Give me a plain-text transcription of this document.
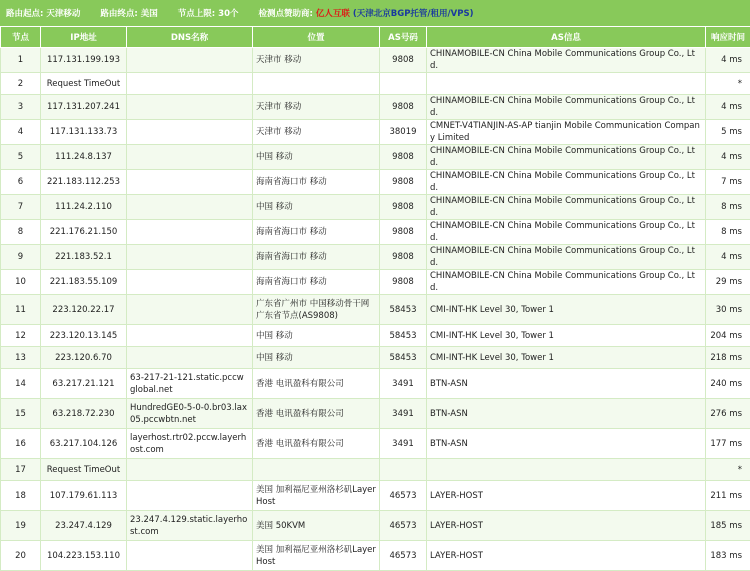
路由起点: 天津移动 路由终点: 美国 节点上限: 30个 检测点赞助商: 亿人互联 (天津北京BGP托管/租用/VPS)
节点	IP地址	DNS名称	位置	AS号码	AS信息	响应时间
1	117.131.199.193		天津市 移动	9808	CHINAMOBILE-CN China Mobile Communications Group Co., Ltd.	4 ms
2	Request TimeOut					*
3	117.131.207.241		天津市 移动	9808	CHINAMOBILE-CN China Mobile Communications Group Co., Ltd.	4 ms
4	117.131.133.73		天津市 移动	38019	CMNET-V4TIANJIN-AS-AP tianjin Mobile Communication Company Limited	5 ms
5	111.24.8.137		中国 移动	9808	CHINAMOBILE-CN China Mobile Communications Group Co., Ltd.	4 ms
6	221.183.112.253		海南省海口市 移动	9808	CHINAMOBILE-CN China Mobile Communications Group Co., Ltd.	7 ms
7	111.24.2.110		中国 移动	9808	CHINAMOBILE-CN China Mobile Communications Group Co., Ltd.	8 ms
8	221.176.21.150		海南省海口市 移动	9808	CHINAMOBILE-CN China Mobile Communications Group Co., Ltd.	8 ms
9	221.183.52.1		海南省海口市 移动	9808	CHINAMOBILE-CN China Mobile Communications Group Co., Ltd.	4 ms
10	221.183.55.109		海南省海口市 移动	9808	CHINAMOBILE-CN China Mobile Communications Group Co., Ltd.	29 ms
11	223.120.22.17		广东省广州市 中国移动骨干网广东省节点(AS9808)	58453	CMI-INT-HK Level 30, Tower 1	30 ms
12	223.120.13.145		中国 移动	58453	CMI-INT-HK Level 30, Tower 1	204 ms
13	223.120.6.70		中国 移动	58453	CMI-INT-HK Level 30, Tower 1	218 ms
14	63.217.21.121	63-217-21-121.static.pccwglobal.net	香港 电讯盈科有限公司	3491	BTN-ASN	240 ms
15	63.218.72.230	HundredGE0-5-0-0.br03.lax05.pccwbtn.net	香港 电讯盈科有限公司	3491	BTN-ASN	276 ms
16	63.217.104.126	layerhost.rtr02.pccw.layerhost.com	香港 电讯盈科有限公司	3491	BTN-ASN	177 ms
17	Request TimeOut					*
18	107.179.61.113		美国 加利福尼亚州洛杉矶LayerHost	46573	LAYER-HOST	211 ms
19	23.247.4.129	23.247.4.129.static.layerhost.com	美国 50KVM	46573	LAYER-HOST	185 ms
20	104.223.153.110		美国 加利福尼亚州洛杉矶LayerHost	46573	LAYER-HOST	183 ms
